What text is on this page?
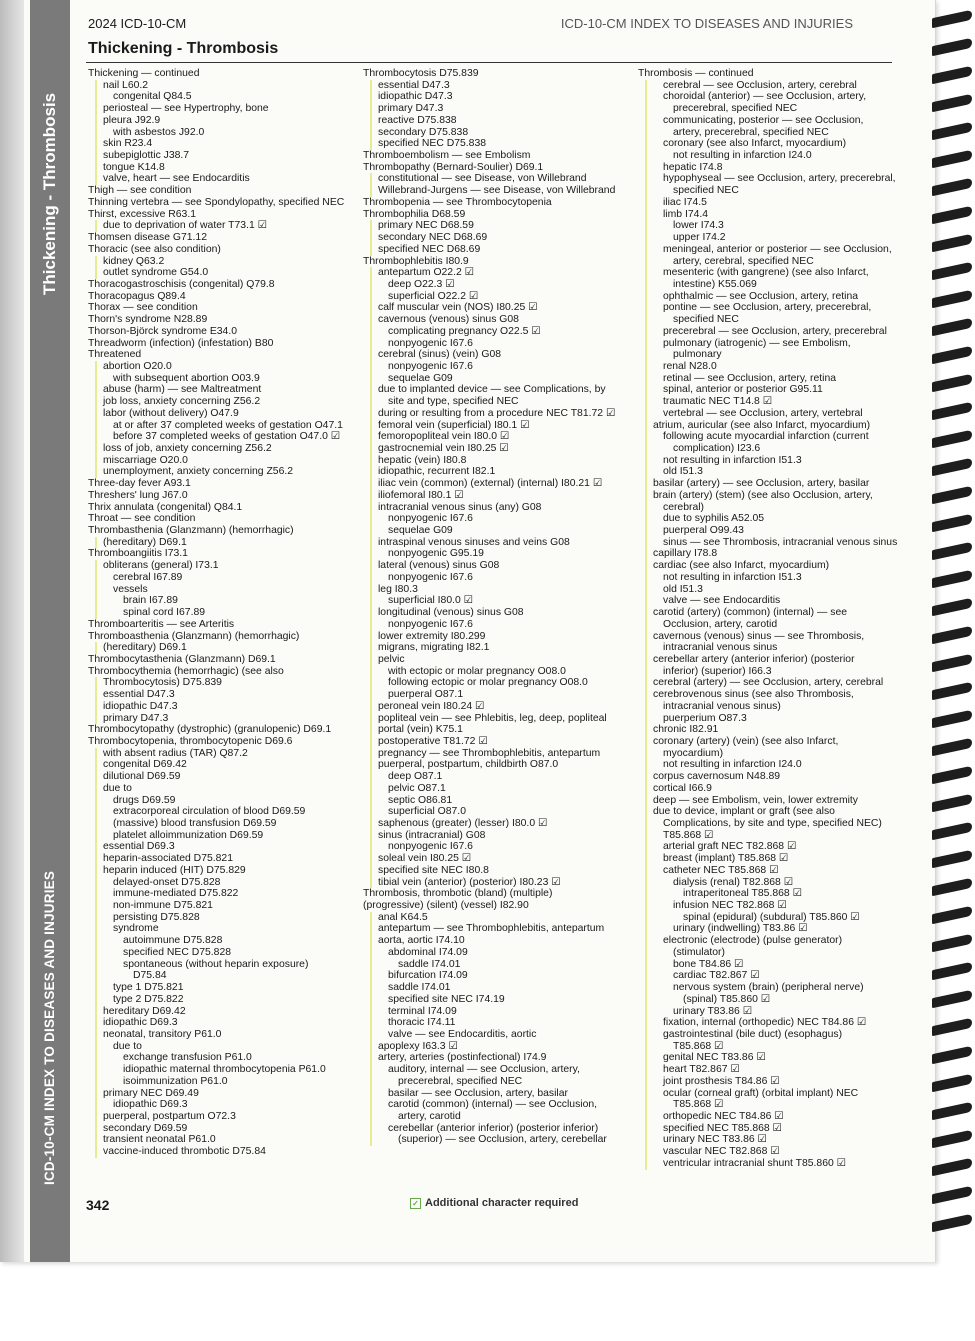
Thickening - Thrombosis
ICD-10-CM INDEX TO DISEASES AND INJURIES
2024 ICD-10-CM	ICD-10-CM INDEX TO DISEASES AND INJURIES
Thickening - Thrombosis
Thickening — continued
nail L60.2
congenital Q84.5
periosteal — see Hypertrophy, bone
pleura J92.9
with asbestos J92.0
skin R23.4
subepiglottic J38.7
tongue K14.8
valve, heart — see Endocarditis
Thigh — see condition
Thinning vertebra — see Spondylopathy, specified NEC
Thirst, excessive R63.1
due to deprivation of water T73.1 ☑
Thomsen disease G71.12
Thoracic (see also condition)
kidney Q63.2
outlet syndrome G54.0
Thoracogastroschisis (congenital) Q79.8
Thoracopagus Q89.4
Thorax — see condition
Thorn's syndrome N28.89
Thorson-Björck syndrome E34.0
Threadworm (infection) (infestation) B80
Threatened
abortion O20.0
with subsequent abortion O03.9
abuse (harm) — see Maltreatment
job loss, anxiety concerning Z56.2
labor (without delivery) O47.9
at or after 37 completed weeks of gestation O47.1
before 37 completed weeks of gestation O47.0 ☑
loss of job, anxiety concerning Z56.2
miscarriage O20.0
unemployment, anxiety concerning Z56.2
Three-day fever A93.1
Threshers' lung J67.0
Thrix annulata (congenital) Q84.1
Throat — see condition
Thrombasthenia (Glanzmann) (hemorrhagic)
(hereditary) D69.1
Thromboangiitis I73.1
obliterans (general) I73.1
cerebral I67.89
vessels
brain I67.89
spinal cord I67.89
Thromboarteritis — see Arteritis
Thromboasthenia (Glanzmann) (hemorrhagic)
(hereditary) D69.1
Thrombocytasthenia (Glanzmann) D69.1
Thrombocythemia (hemorrhagic) (see also
Thrombocytosis) D75.839
essential D47.3
idiopathic D47.3
primary D47.3
Thrombocytopathy (dystrophic) (granulopenic) D69.1
Thrombocytopenia, thrombocytopenic D69.6
with absent radius (TAR) Q87.2
congenital D69.42
dilutional D69.59
due to
drugs D69.59
extracorporeal circulation of blood D69.59
(massive) blood transfusion D69.59
platelet alloimmunization D69.59
essential D69.3
heparin-associated D75.821
heparin induced (HIT) D75.829
delayed-onset D75.828
immune-mediated D75.822
non-immune D75.821
persisting D75.828
syndrome
autoimmune D75.828
specified NEC D75.828
spontaneous (without heparin exposure)
D75.84
type 1 D75.821
type 2 D75.822
hereditary D69.42
idiopathic D69.3
neonatal, transitory P61.0
due to
exchange transfusion P61.0
idiopathic maternal thrombocytopenia P61.0
isoimmunization P61.0
primary NEC D69.49
idiopathic D69.3
puerperal, postpartum O72.3
secondary D69.59
transient neonatal P61.0
vaccine-induced thrombotic D75.84
Thrombocytosis D75.839
essential D47.3
idiopathic D47.3
primary D47.3
reactive D75.838
secondary D75.838
specified NEC D75.838
Thromboembolism — see Embolism
Thrombopathy (Bernard-Soulier) D69.1
constitutional — see Disease, von Willebrand
Willebrand-Jurgens — see Disease, von Willebrand
Thrombopenia — see Thrombocytopenia
Thrombophilia D68.59
primary NEC D68.59
secondary NEC D68.69
specified NEC D68.69
Thrombophlebitis I80.9
antepartum O22.2 ☑
deep O22.3 ☑
superficial O22.2 ☑
calf muscular vein (NOS) I80.25 ☑
cavernous (venous) sinus G08
complicating pregnancy O22.5 ☑
nonpyogenic I67.6
cerebral (sinus) (vein) G08
nonpyogenic I67.6
sequelae G09
due to implanted device — see Complications, by
site and type, specified NEC
during or resulting from a procedure NEC T81.72 ☑
femoral vein (superficial) I80.1 ☑
femoropopliteal vein I80.0 ☑
gastrocnemial vein I80.25 ☑
hepatic (vein) I80.8
idiopathic, recurrent I82.1
iliac vein (common) (external) (internal) I80.21 ☑
iliofemoral I80.1 ☑
intracranial venous sinus (any) G08
nonpyogenic I67.6
sequelae G09
intraspinal venous sinuses and veins G08
nonpyogenic G95.19
lateral (venous) sinus G08
nonpyogenic I67.6
leg I80.3
superficial I80.0 ☑
longitudinal (venous) sinus G08
nonpyogenic I67.6
lower extremity I80.299
migrans, migrating I82.1
pelvic
with ectopic or molar pregnancy O08.0
following ectopic or molar pregnancy O08.0
puerperal O87.1
peroneal vein I80.24 ☑
popliteal vein — see Phlebitis, leg, deep, popliteal
portal (vein) K75.1
postoperative T81.72 ☑
pregnancy — see Thrombophlebitis, antepartum
puerperal, postpartum, childbirth O87.0
deep O87.1
pelvic O87.1
septic O86.81
superficial O87.0
saphenous (greater) (lesser) I80.0 ☑
sinus (intracranial) G08
nonpyogenic I67.6
soleal vein I80.25 ☑
specified site NEC I80.8
tibial vein (anterior) (posterior) I80.23 ☑
Thrombosis, thrombotic (bland) (multiple)
(progressive) (silent) (vessel) I82.90
anal K64.5
antepartum — see Thrombophlebitis, antepartum
aorta, aortic I74.10
abdominal I74.09
saddle I74.01
bifurcation I74.09
saddle I74.01
specified site NEC I74.19
terminal I74.09
thoracic I74.11
valve — see Endocarditis, aortic
apoplexy I63.3 ☑
artery, arteries (postinfectional) I74.9
auditory, internal — see Occlusion, artery,
precerebral, specified NEC
basilar — see Occlusion, artery, basilar
carotid (common) (internal) — see Occlusion,
artery, carotid
cerebellar (anterior inferior) (posterior inferior)
(superior) — see Occlusion, artery, cerebellar
Thrombosis — continued
cerebral — see Occlusion, artery, cerebral
choroidal (anterior) — see Occlusion, artery,
precerebral, specified NEC
communicating, posterior — see Occlusion,
artery, precerebral, specified NEC
coronary (see also Infarct, myocardium)
not resulting in infarction I24.0
hepatic I74.8
hypophyseal — see Occlusion, artery, precerebral,
specified NEC
iliac I74.5
limb I74.4
lower I74.3
upper I74.2
meningeal, anterior or posterior — see Occlusion,
artery, cerebral, specified NEC
mesenteric (with gangrene) (see also Infarct,
intestine) K55.069
ophthalmic — see Occlusion, artery, retina
pontine — see Occlusion, artery, precerebral,
specified NEC
precerebral — see Occlusion, artery, precerebral
pulmonary (iatrogenic) — see Embolism,
pulmonary
renal N28.0
retinal — see Occlusion, artery, retina
spinal, anterior or posterior G95.11
traumatic NEC T14.8 ☑
vertebral — see Occlusion, artery, vertebral
atrium, auricular (see also Infarct, myocardium)
following acute myocardial infarction (current
complication) I23.6
not resulting in infarction I51.3
old I51.3
basilar (artery) — see Occlusion, artery, basilar
brain (artery) (stem) (see also Occlusion, artery,
cerebral)
due to syphilis A52.05
puerperal O99.43
sinus — see Thrombosis, intracranial venous sinus
capillary I78.8
cardiac (see also Infarct, myocardium)
not resulting in infarction I51.3
old I51.3
valve — see Endocarditis
carotid (artery) (common) (internal) — see
Occlusion, artery, carotid
cavernous (venous) sinus — see Thrombosis,
intracranial venous sinus
cerebellar artery (anterior inferior) (posterior
inferior) (superior) I66.3
cerebral (artery) — see Occlusion, artery, cerebral
cerebrovenous sinus (see also Thrombosis,
intracranial venous sinus)
puerperium O87.3
chronic I82.91
coronary (artery) (vein) (see also Infarct,
myocardium)
not resulting in infarction I24.0
corpus cavernosum N48.89
cortical I66.9
deep — see Embolism, vein, lower extremity
due to device, implant or graft (see also
Complications, by site and type, specified NEC)
T85.868 ☑
arterial graft NEC T82.868 ☑
breast (implant) T85.868 ☑
catheter NEC T85.868 ☑
dialysis (renal) T82.868 ☑
intraperitoneal T85.868 ☑
infusion NEC T82.868 ☑
spinal (epidural) (subdural) T85.860 ☑
urinary (indwelling) T83.86 ☑
electronic (electrode) (pulse generator)
(stimulator)
bone T84.86 ☑
cardiac T82.867 ☑
nervous system (brain) (peripheral nerve)
(spinal) T85.860 ☑
urinary T83.86 ☑
fixation, internal (orthopedic) NEC T84.86 ☑
gastrointestinal (bile duct) (esophagus)
T85.868 ☑
genital NEC T83.86 ☑
heart T82.867 ☑
joint prosthesis T84.86 ☑
ocular (corneal graft) (orbital implant) NEC
T85.868 ☑
orthopedic NEC T84.86 ☑
specified NEC T85.868 ☑
urinary NEC T83.86 ☑
vascular NEC T82.868 ☑
ventricular intracranial shunt T85.860 ☑
342	✓ Additional character required
